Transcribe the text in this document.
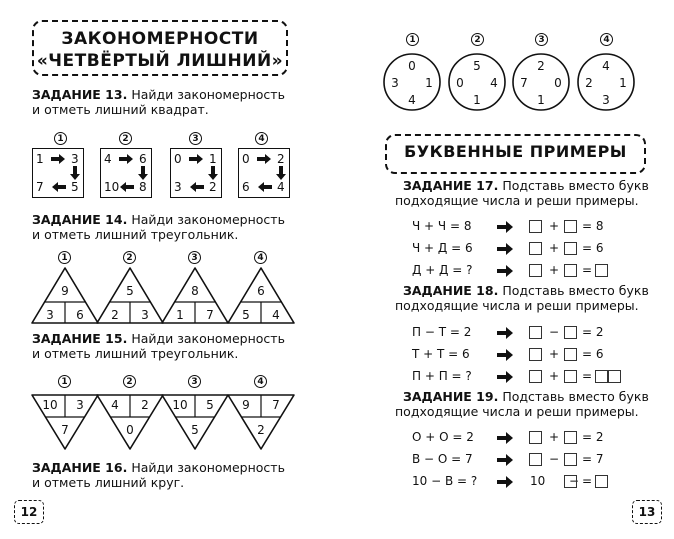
ЗАКОНОМЕРНОСТИ
«ЧЕТВЁРТЫЙ ЛИШНИЙ»
ЗАДАНИЕ 13. Найди закономерность
и отметь лишний квадрат.
1	2	3	4
1 3
7 5
4 6
10 8
0 1
3 2
0 2
6 4
ЗАДАНИЕ 14. Найди закономерность
и отметь лишний треугольник.
1	2	3	4
9
3 6
5
2 3
8
1 7
6
5 4
10 3
7
4 2
0
10 5
5
9 7
2
0
3 1
4
5
0 4
1
2
7 0
1
4
2 1
3
ЗАДАНИЕ 15. Найди закономерность
и отметь лишний треугольник.
1	2	3	4
ЗАДАНИЕ 16. Найди закономерность
и отметь лишний круг.
12
1	2	3	4
БУКВЕННЫЕ ПРИМЕРЫ
ЗАДАНИЕ 17. Подставь вместо букв
подходящие числа и реши примеры.
ЗАДАНИЕ 18. Подставь вместо букв
подходящие числа и реши примеры.
ЗАДАНИЕ 19. Подставь вместо букв
подходящие числа и реши примеры.
Ч + Ч = 8	+ = 8
Ч + Д = 6	+ = 6
Д + Д = ?	+ =
П − Т = 2	− = 2
Т + Т = 6	+ = 6
П + П = ?	+ =
О + О = 2	+ = 2
В − О = 7	− = 7
10 − В = ?	10 − =
13
